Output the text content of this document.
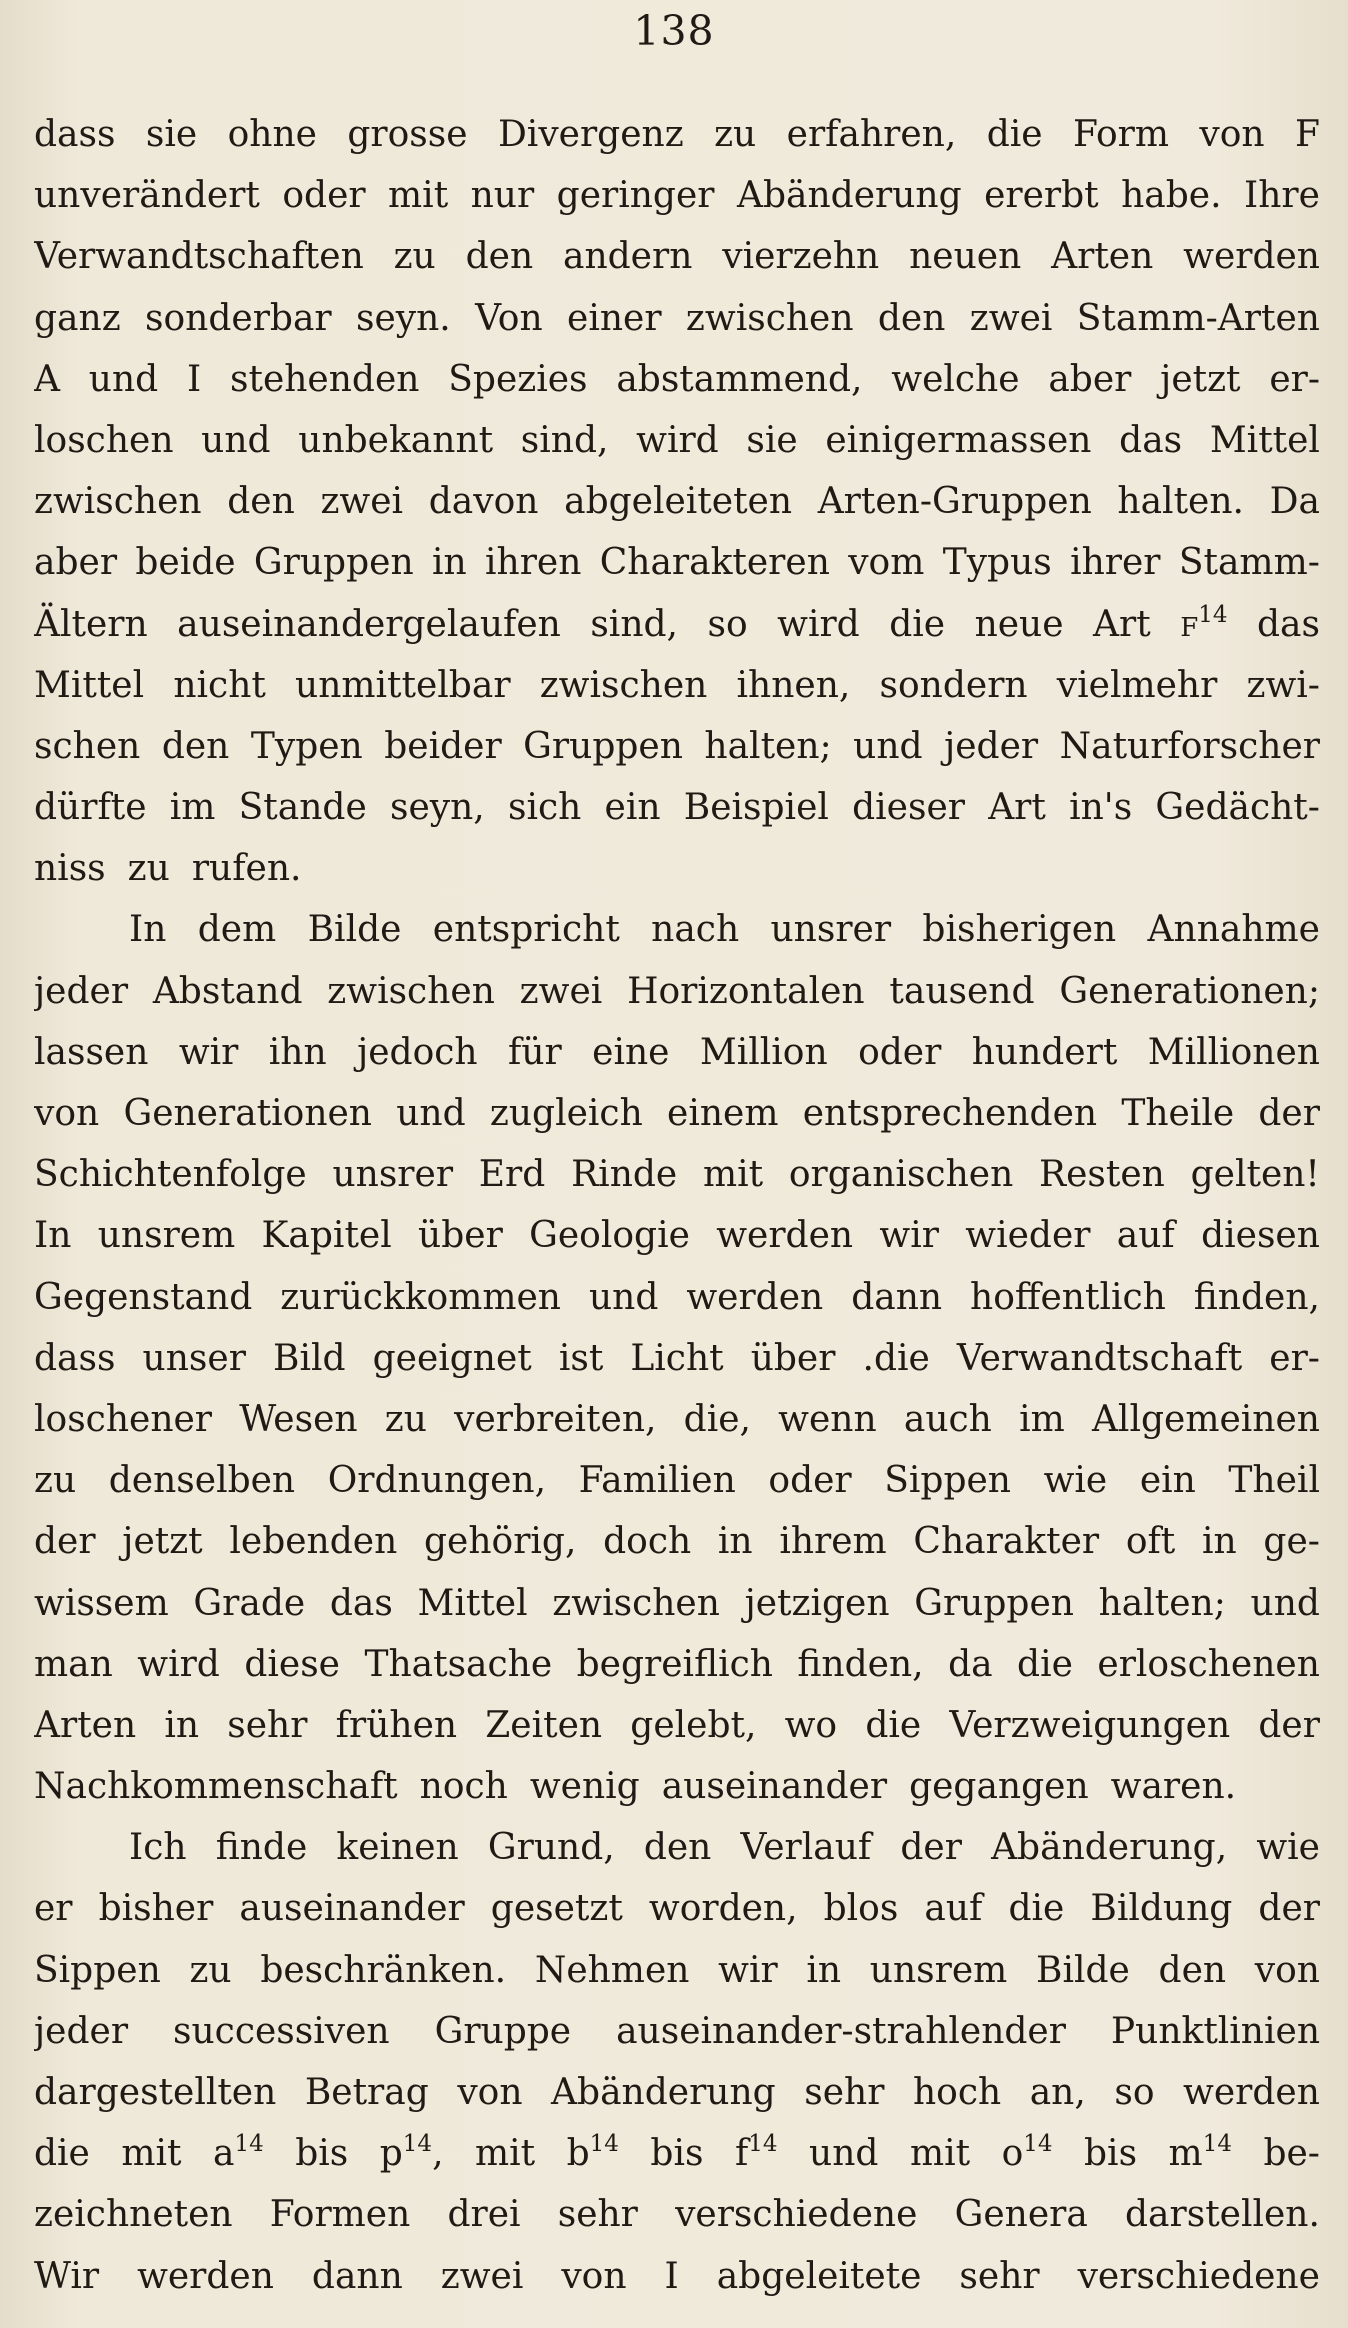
138
dass sie ohne grosse Divergenz zu erfahren, die Form von F
unverändert oder mit nur geringer Abänderung ererbt habe. Ihre
Verwandtschaften zu den andern vierzehn neuen Arten werden
ganz sonderbar seyn. Von einer zwischen den zwei Stamm-Arten
A und I stehenden Spezies abstammend, welche aber jetzt er-
loschen und unbekannt sind, wird sie einigermassen das Mittel
zwischen den zwei davon abgeleiteten Arten-Gruppen halten. Da
aber beide Gruppen in ihren Charakteren vom Typus ihrer Stamm-
Ältern auseinandergelaufen sind, so wird die neue Art $F^{14}$ das
Mittel nicht unmittelbar zwischen ihnen, sondern vielmehr zwi-
schen den Typen beider Gruppen halten; und jeder Naturforscher
dürfte im Stande seyn, sich ein Beispiel dieser Art in's Gedächt-
niss zu rufen.
In dem Bilde entspricht nach unsrer bisherigen Annahme
jeder Abstand zwischen zwei Horizontalen tausend Generationen;
lassen wir ihn jedoch für eine Million oder hundert Millionen
von Generationen und zugleich einem entsprechenden Theile der
Schichtenfolge unsrer Erd Rinde mit organischen Resten gelten!
In unsrem Kapitel über Geologie werden wir wieder auf diesen
Gegenstand zurückkommen und werden dann hoffentlich finden,
dass unser Bild geeignet ist Licht über .die Verwandtschaft er-
loschener Wesen zu verbreiten, die, wenn auch im Allgemeinen
zu denselben Ordnungen, Familien oder Sippen wie ein Theil
der jetzt lebenden gehörig, doch in ihrem Charakter oft in ge-
wissem Grade das Mittel zwischen jetzigen Gruppen halten; und
man wird diese Thatsache begreiflich finden, da die erloschenen
Arten in sehr frühen Zeiten gelebt, wo die Verzweigungen der
Nachkommenschaft noch wenig auseinander gegangen waren.
Ich finde keinen Grund, den Verlauf der Abänderung, wie
er bisher auseinander gesetzt worden, blos auf die Bildung der
Sippen zu beschränken. Nehmen wir in unsrem Bilde den von
jeder successiven Gruppe auseinander-strahlender Punktlinien
dargestellten Betrag von Abänderung sehr hoch an, so werden
die mit $a^{14}$ bis $p^{14}$, mit $b^{14}$ bis $f^{14}$ und mit $o^{14}$ bis $m^{14}$ be-
zeichneten Formen drei sehr verschiedene Genera darstellen.
Wir werden dann zwei von I abgeleitete sehr verschiedene
